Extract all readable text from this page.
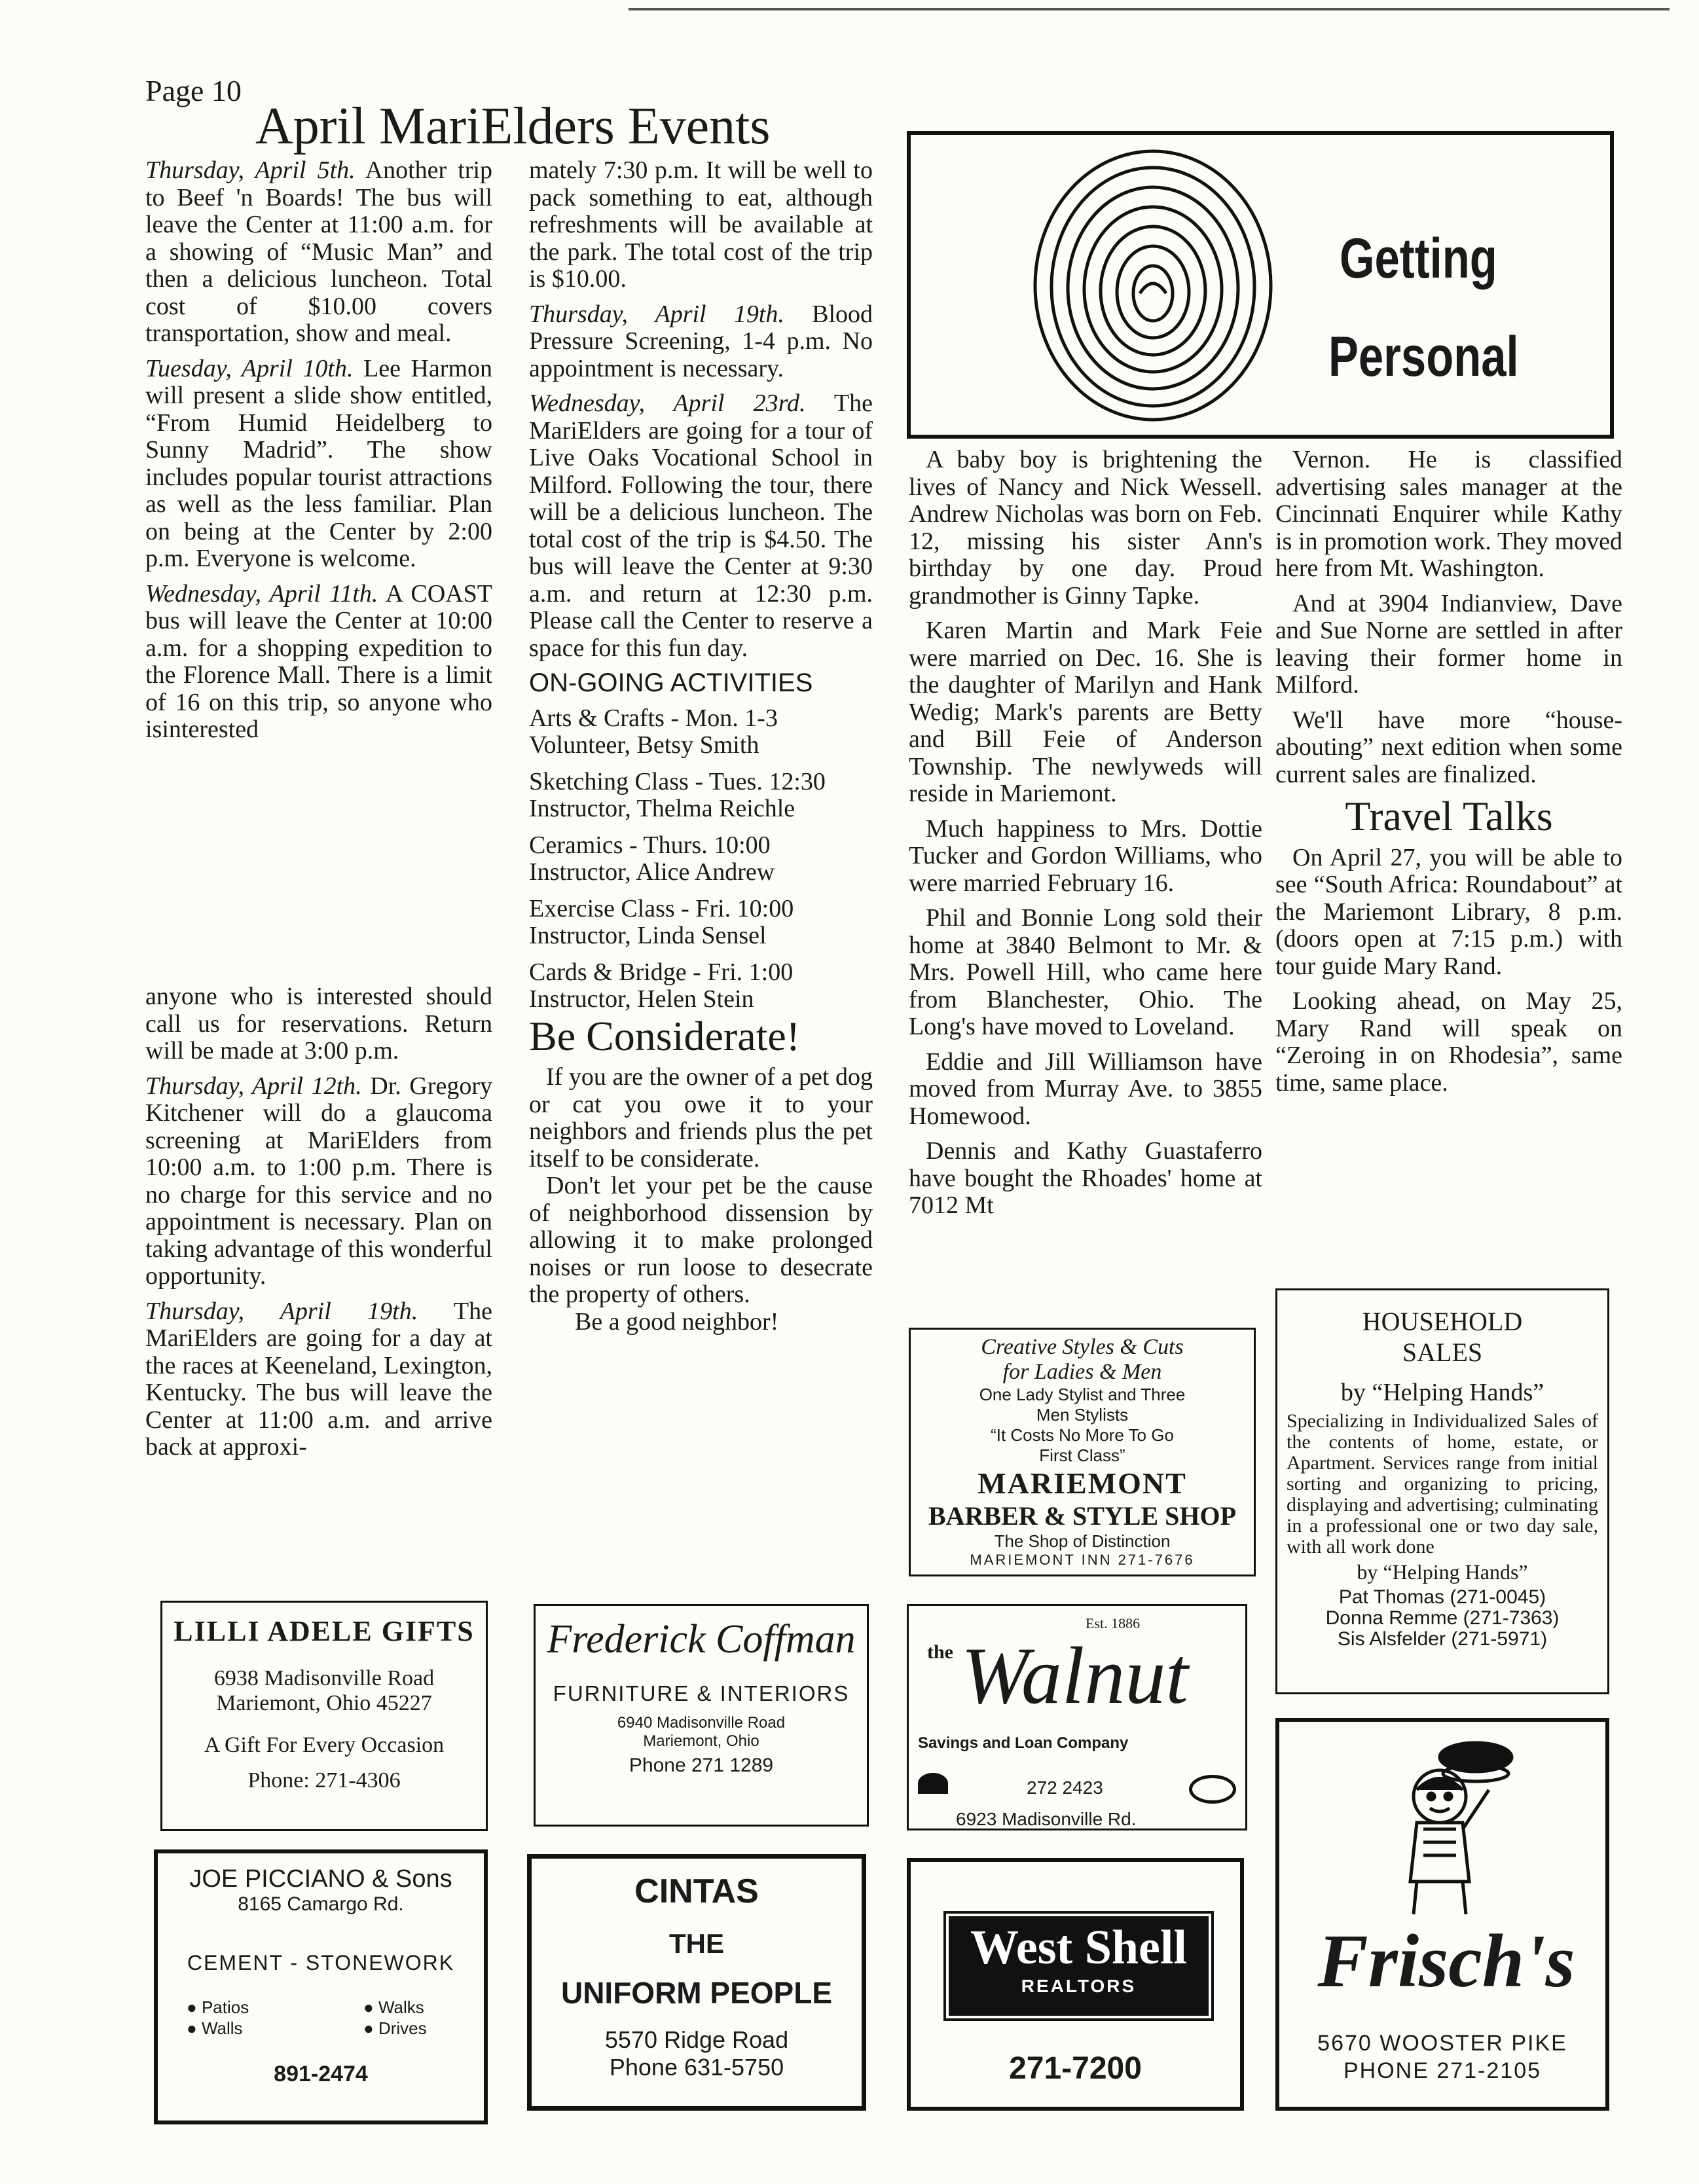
Page 10
April MariElders Events

Thursday, April 5th. Another trip to Beef 'n Boards! The bus will leave the Center at 11:00 a.m. for a showing of “Music Man” and then a delicious luncheon. Total cost of $10.00 covers transportation, show and meal.

Tuesday, April 10th. Lee Harmon will present a slide show entitled, “From Humid Heidelberg to Sunny Madrid”. The show includes popular tourist attractions as well as the less familiar. Plan on being at the Center by 2:00 p.m. Everyone is welcome.

Wednesday, April 11th. A COAST bus will leave the Center at 10:00 a.m. for a shopping expedition to the Florence Mall. There is a limit of 16 on this trip, so anyone who isinterested

anyone who is interested should call us for reservations. Return will be made at 3:00 p.m.

Thursday, April 12th. Dr. Gregory Kitchener will do a glaucoma screening at MariElders from 10:00 a.m. to 1:00 p.m. There is no charge for this service and no appointment is necessary. Plan on taking advantage of this wonderful opportunity.

Thursday, April 19th. The MariElders are going for a day at the races at Keeneland, Lexington, Kentucky. The bus will leave the Center at 11:00 a.m. and arrive back at approxi-

mately 7:30 p.m. It will be well to pack something to eat, although refreshments will be available at the park. The total cost of the trip is $10.00.

Thursday, April 19th. Blood Pressure Screening, 1-4 p.m. No appointment is necessary.

Wednesday, April 23rd. The MariElders are going for a tour of Live Oaks Vocational School in Milford. Following the tour, there will be a delicious luncheon. The total cost of the trip is $4.50. The bus will leave the Center at 9:30 a.m. and return at 12:30 p.m. Please call the Center to reserve a space for this fun day.

ON-GOING ACTIVITIES
Arts & Crafts - Mon. 1-3 Volunteer, Betsy Smith
Sketching Class - Tues. 12:30 Instructor, Thelma Reichle
Ceramics - Thurs. 10:00 Instructor, Alice Andrew
Exercise Class - Fri. 10:00 Instructor, Linda Sensel
Cards & Bridge - Fri. 1:00 Instructor, Helen Stein
Be Considerate!

If you are the owner of a pet dog or cat you owe it to your neighbors and friends plus the pet itself to be considerate.

Don't let your pet be the cause of neighborhood dissension by allowing it to make prolonged noises or run loose to desecrate the property of others.

Be a good neighbor!
Getting
Personal

A baby boy is brightening the lives of Nancy and Nick Wessell. Andrew Nicholas was born on Feb. 12, missing his sister Ann's birthday by one day. Proud grandmother is Ginny Tapke.

Karen Martin and Mark Feie were married on Dec. 16. She is the daughter of Marilyn and Hank Wedig; Mark's parents are Betty and Bill Feie of Anderson Township. The newlyweds will reside in Mariemont.

Much happiness to Mrs. Dottie Tucker and Gordon Williams, who were married February 16.

Phil and Bonnie Long sold their home at 3840 Belmont to Mr. & Mrs. Powell Hill, who came here from Blanchester, Ohio. The Long's have moved to Loveland.

Eddie and Jill Williamson have moved from Murray Ave. to 3855 Homewood.

Dennis and Kathy Guastaferro have bought the Rhoades' home at 7012 Mt

Vernon. He is classified advertising sales manager at the Cincinnati Enquirer while Kathy is in promotion work. They moved here from Mt. Washington.

And at 3904 Indianview, Dave and Sue Norne are settled in after leaving their former home in Milford.

We'll have more “house-abouting” next edition when some current sales are finalized.

Travel Talks

On April 27, you will be able to see “South Africa: Roundabout” at the Mariemont Library, 8 p.m. (doors open at 7:15 p.m.) with tour guide Mary Rand.

Looking ahead, on May 25, Mary Rand will speak on “Zeroing in on Rhodesia”, same time, same place.

HOUSEHOLD SALES
by “Helping Hands”
Specializing in Individualized Sales of the contents of home, estate, or Apartment. Services range from initial sorting and organizing to pricing, displaying and advertising; culminating in a professional one or two day sale, with all work done
by “Helping Hands”
Pat Thomas (271-0045)
Donna Remme (271-7363)
Sis Alsfelder (271-5971)
Creative Styles & Cuts
for Ladies & Men
One Lady Stylist and Three
Men Stylists
“It Costs No More To Go
First Class”
MARIEMONT
BARBER & STYLE SHOP
The Shop of Distinction
MARIEMONT INN 271-7676
LILLI ADELE GIFTS
6938 Madisonville Road
Mariemont, Ohio 45227
A Gift For Every Occasion
Phone: 271-4306
Frederick Coffman
FURNITURE & INTERIORS
6940 Madisonville Road
Mariemont, Ohio
Phone 271 1289
Est. 1886
the Walnut
Savings and Loan Company
272 2423
6923 Madisonville Rd.
JOE PICCIANO & Sons
8165 Camargo Rd.
CEMENT - STONEWORK
● Patios
● Walls
● Walks
● Drives
891-2474
CINTAS
THE
UNIFORM PEOPLE
5570 Ridge Road
Phone 631-5750
West Shell
REALTORS
271-7200
Frisch's
5670 WOOSTER PIKE
PHONE 271-2105
